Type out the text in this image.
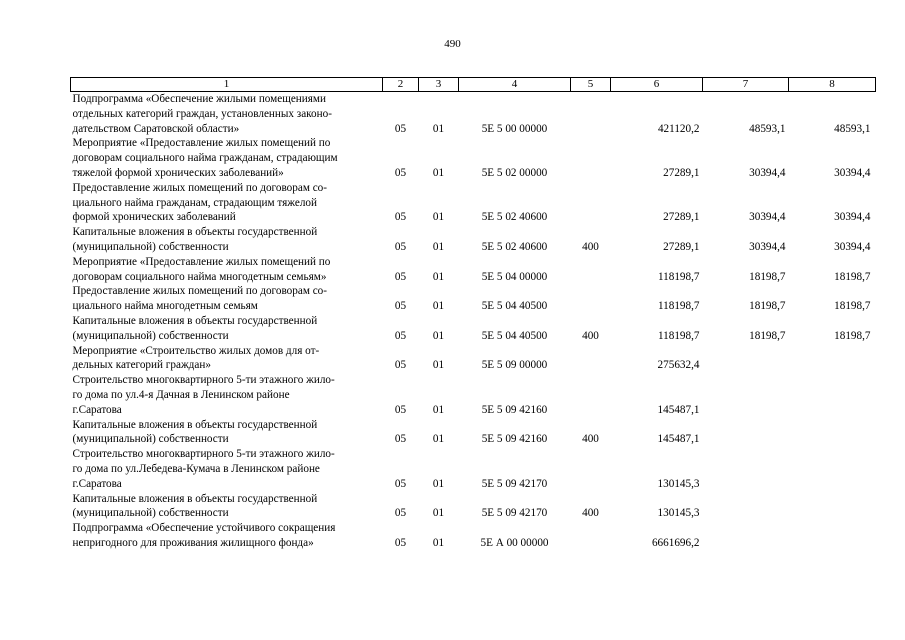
490
1	2	3	4	5	6	7	8

Подпрограмма «Обеспечение жилыми помещениями
отдельных категорий граждан, установленных законо-
дательством Саратовской области»	05	01	5Е 5 00 00000		421120,2	48593,1	48593,1

Мероприятие «Предоставление жилых помещений по
договорам социального найма гражданам, страдающим
тяжелой формой хронических заболеваний»	05	01	5Е 5 02 00000		27289,1	30394,4	30394,4

Предоставление жилых помещений по договорам со-
циального найма гражданам, страдающим тяжелой
формой хронических заболеваний	05	01	5Е 5 02 40600		27289,1	30394,4	30394,4

Капитальные вложения в объекты государственной
(муниципальной) собственности	05	01	5Е 5 02 40600	400	27289,1	30394,4	30394,4

Мероприятие «Предоставление жилых помещений по
договорам социального найма многодетным семьям»	05	01	5Е 5 04 00000		118198,7	18198,7	18198,7

Предоставление жилых помещений по договорам со-
циального найма многодетным семьям	05	01	5Е 5 04 40500		118198,7	18198,7	18198,7

Капитальные вложения в объекты государственной
(муниципальной) собственности	05	01	5Е 5 04 40500	400	118198,7	18198,7	18198,7

Мероприятие «Строительство жилых домов для от-
дельных категорий граждан»	05	01	5Е 5 09 00000		275632,4		

Строительство многоквартирного 5-ти этажного жило-
го дома по ул.4-я Дачная в Ленинском районе
г.Саратова	05	01	5Е 5 09 42160		145487,1		

Капитальные вложения в объекты государственной
(муниципальной) собственности	05	01	5Е 5 09 42160	400	145487,1		

Строительство многоквартирного 5-ти этажного жило-
го дома по ул.Лебедева-Кумача в Ленинском районе
г.Саратова	05	01	5Е 5 09 42170		130145,3		

Капитальные вложения в объекты государственной
(муниципальной) собственности	05	01	5Е 5 09 42170	400	130145,3		

Подпрограмма «Обеспечение устойчивого сокращения
непригодного для проживания жилищного фонда»	05	01	5Е А 00 00000		6661696,2		
